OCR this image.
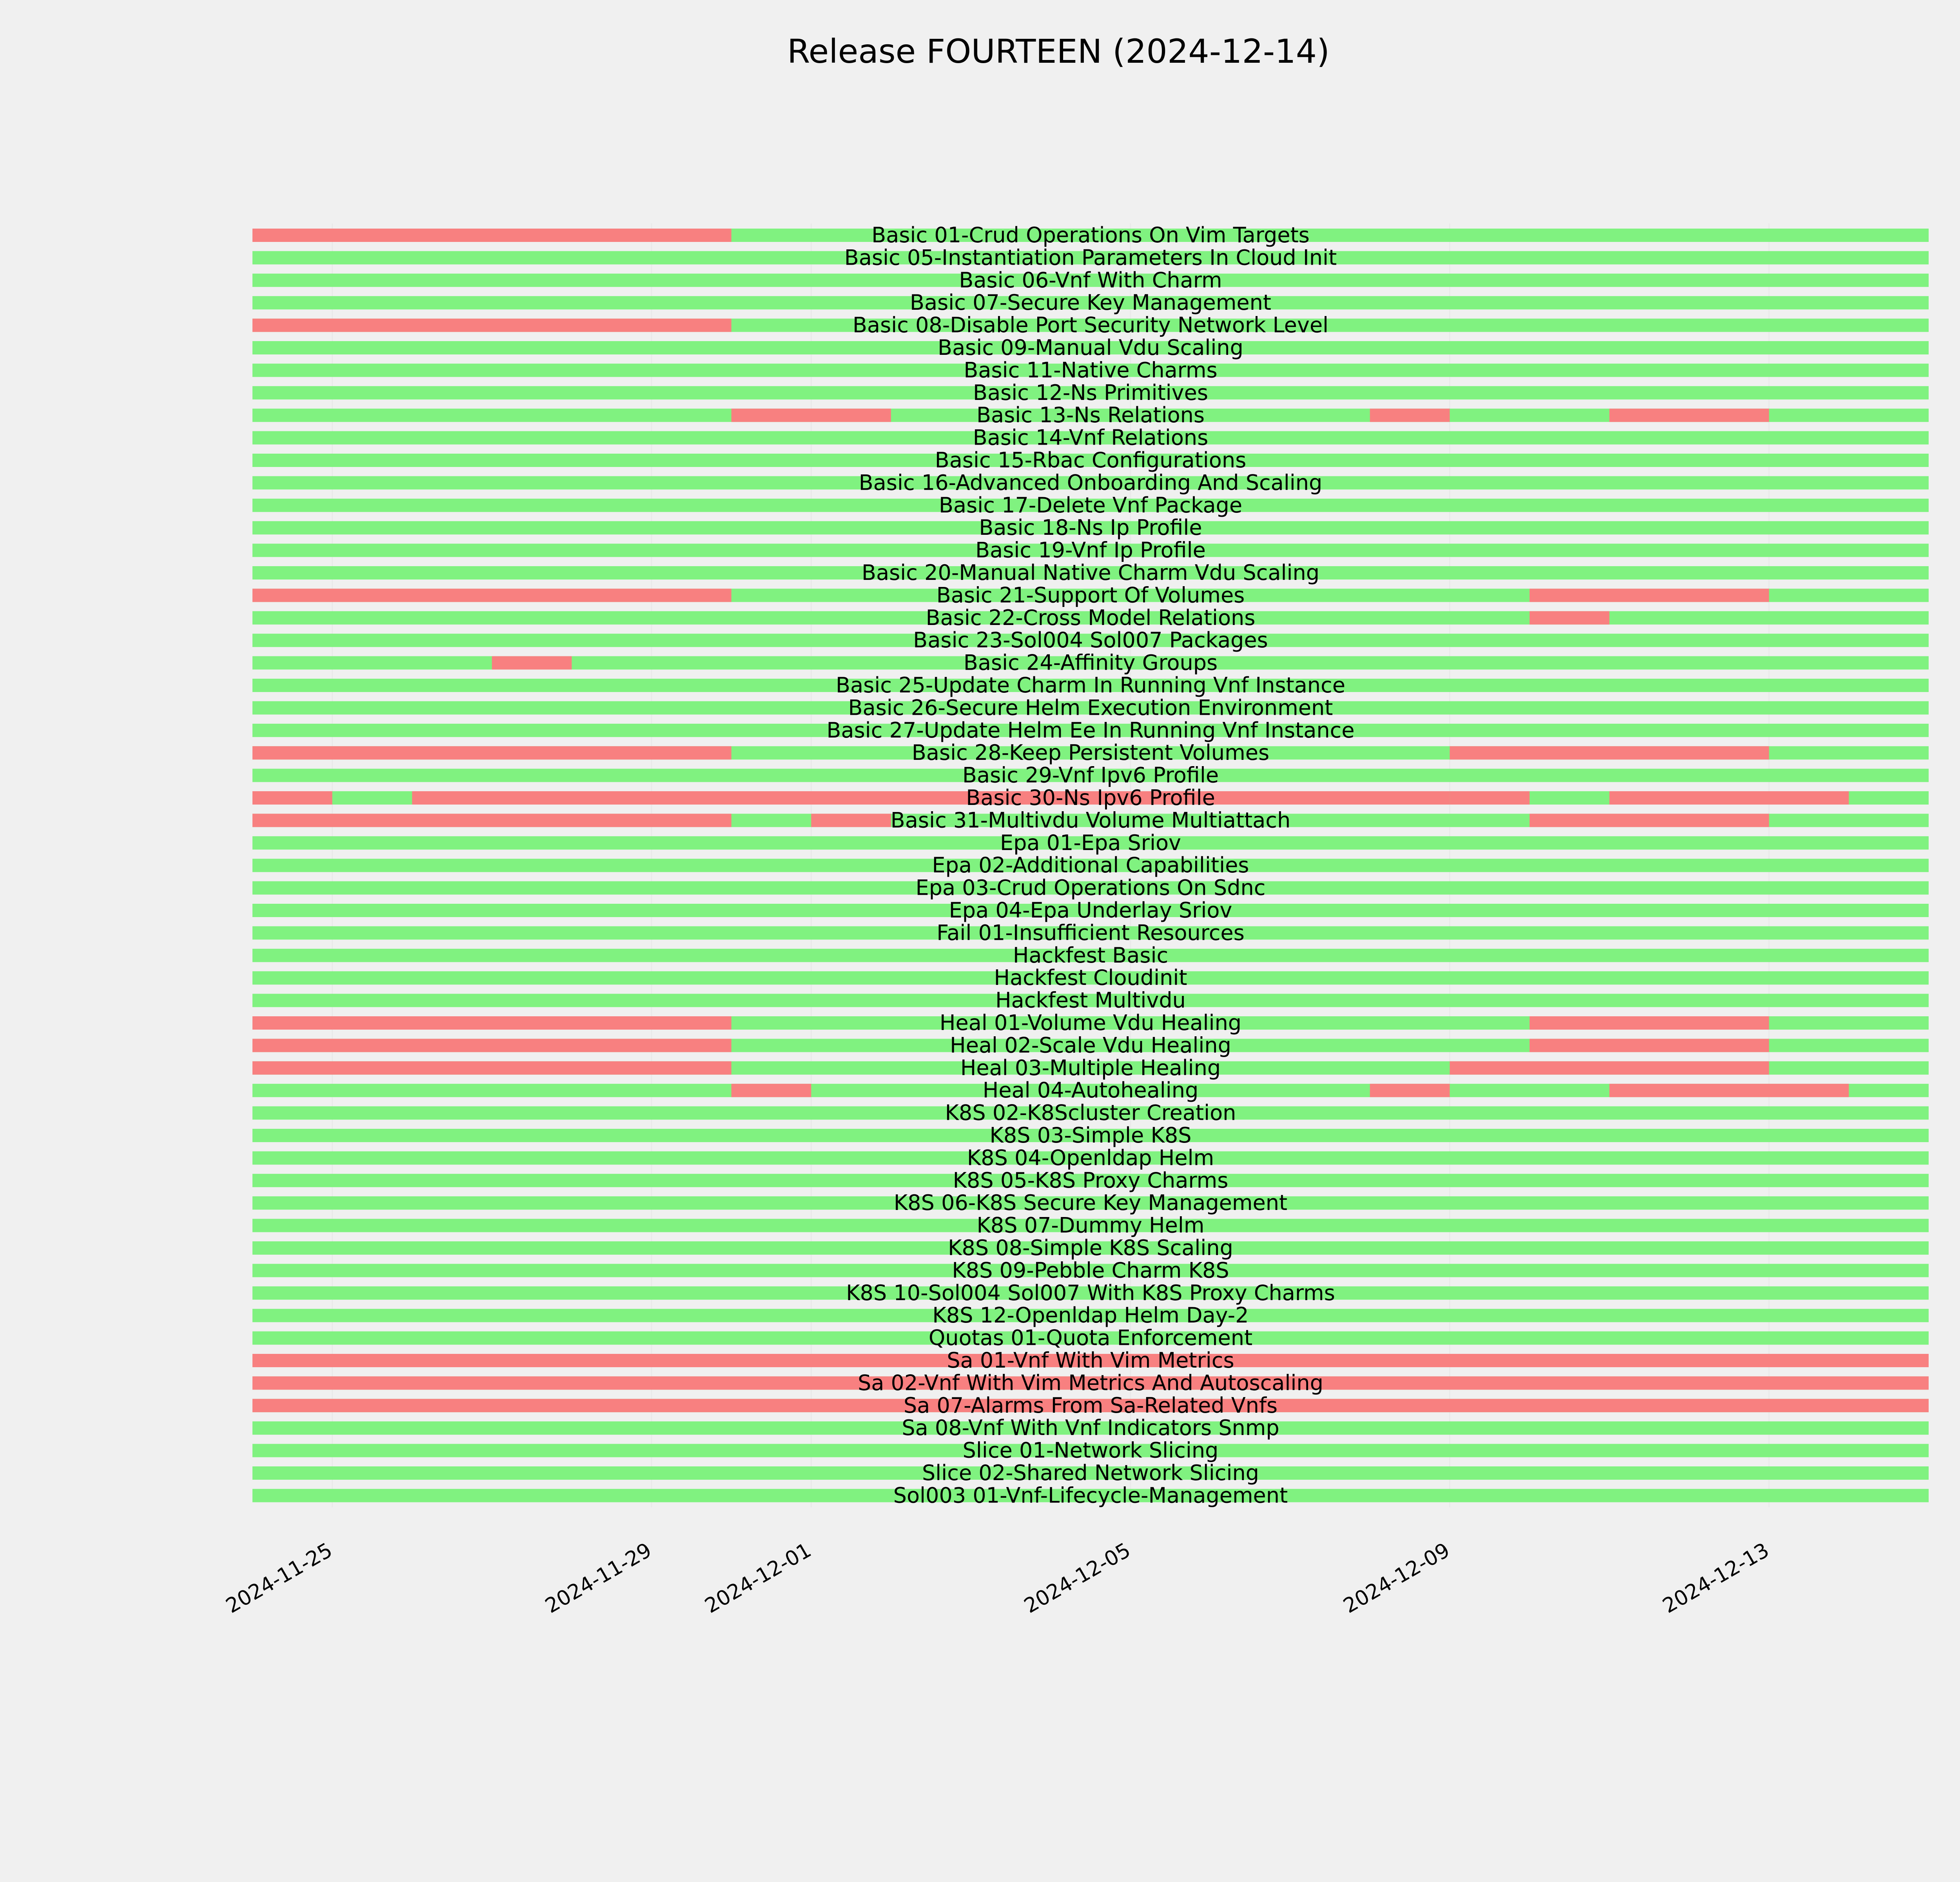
Release FOURTEEN (2024-12-14)
Basic 01-Crud Operations On Vim Targets
Basic 05-Instantiation Parameters In Cloud Init
Basic 06-Vnf With Charm
Basic 07-Secure Key Management
Basic 08-Disable Port Security Network Level
Basic 09-Manual Vdu Scaling
Basic 11-Native Charms
Basic 12-Ns Primitives
Basic 13-Ns Relations
Basic 14-Vnf Relations
Basic 15-Rbac Configurations
Basic 16-Advanced Onboarding And Scaling
Basic 17-Delete Vnf Package
Basic 18-Ns Ip Profile
Basic 19-Vnf Ip Profile
Basic 20-Manual Native Charm Vdu Scaling
Basic 21-Support Of Volumes
Basic 22-Cross Model Relations
Basic 23-Sol004 Sol007 Packages
Basic 24-Affinity Groups
Basic 25-Update Charm In Running Vnf Instance
Basic 26-Secure Helm Execution Environment
Basic 27-Update Helm Ee In Running Vnf Instance
Basic 28-Keep Persistent Volumes
Basic 29-Vnf Ipv6 Profile
Basic 30-Ns Ipv6 Profile
Basic 31-Multivdu Volume Multiattach
Epa 01-Epa Sriov
Epa 02-Additional Capabilities
Epa 03-Crud Operations On Sdnc
Epa 04-Epa Underlay Sriov
Fail 01-Insufficient Resources
Hackfest Basic
Hackfest Cloudinit
Hackfest Multivdu
Heal 01-Volume Vdu Healing
Heal 02-Scale Vdu Healing
Heal 03-Multiple Healing
Heal 04-Autohealing
K8S 02-K8Scluster Creation
K8S 03-Simple K8S
K8S 04-Openldap Helm
K8S 05-K8S Proxy Charms
K8S 06-K8S Secure Key Management
K8S 07-Dummy Helm
K8S 08-Simple K8S Scaling
K8S 09-Pebble Charm K8S
K8S 10-Sol004 Sol007 With K8S Proxy Charms
K8S 12-Openldap Helm Day-2
Quotas 01-Quota Enforcement
Sa 01-Vnf With Vim Metrics
Sa 02-Vnf With Vim Metrics And Autoscaling
Sa 07-Alarms From Sa-Related Vnfs
Sa 08-Vnf With Vnf Indicators Snmp
Slice 01-Network Slicing
Slice 02-Shared Network Slicing
Sol003 01-Vnf-Lifecycle-Management
2024-11-25	2024-11-29 2024-12-01	2024-12-05	2024-12-09	2024-12-13
